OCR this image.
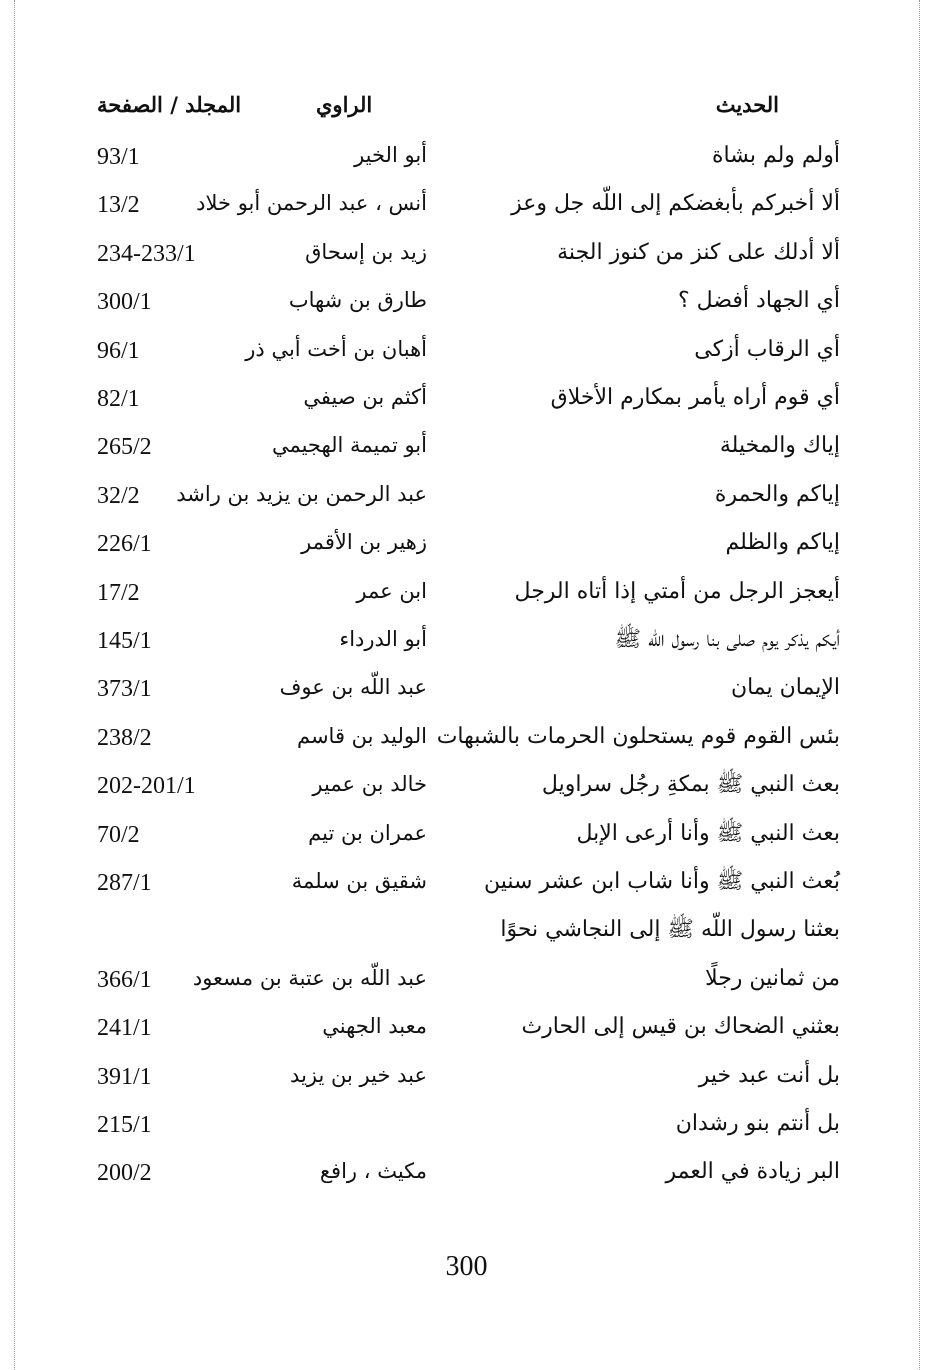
الحديث
الراوي
المجلد / الصفحة
أولم ولم بشاة
أبو الخير
93/1
ألا أخبركم بأبغضكم إلى اللّه جل وعز
أنس ، عبد الرحمن أبو خلاد
13/2
ألا أدلك على كنز من كنوز الجنة
زيد بن إسحاق
234-233/1
أي الجهاد أفضل ؟
طارق بن شهاب
300/1
أي الرقاب أزكى
أهبان بن أخت أبي ذر
96/1
أي قوم أراه يأمر بمكارم الأخلاق
أكثم بن صيفي
82/1
إياك والمخيلة
أبو تميمة الهجيمي
265/2
إياكم والحمرة
عبد الرحمن بن يزيد بن راشد
32/2
إياكم والظلم
زهير بن الأقمر
226/1
أيعجز الرجل من أمتي إذا أتاه الرجل
ابن عمر
17/2
أيكم يذكر يوم صلى بنا رسول اللّه ﷺ
أبو الدرداء
145/1
الإيمان يمان
عبد اللّه بن عوف
373/1
بئس القوم قوم يستحلون الحرمات بالشبهات
الوليد بن قاسم
238/2
بعث النبي ﷺ بمكةِ رجُل سراويل
خالد بن عمير
202-201/1
بعث النبي ﷺ وأنا أرعى الإبل
عمران بن تيم
70/2
بُعث النبي ﷺ وأنا شاب ابن عشر سنين
شقيق بن سلمة
287/1
بعثنا رسول اللّه ﷺ إلى النجاشي نحوًا
من ثمانين رجلًا
عبد اللّه بن عتبة بن مسعود
366/1
بعثني الضحاك بن قيس إلى الحارث
معبد الجهني
241/1
بل أنت عبد خير
عبد خير بن يزيد
391/1
بل أنتم بنو رشدان
215/1
البر زيادة في العمر
مكيث ، رافع
200/2
300
